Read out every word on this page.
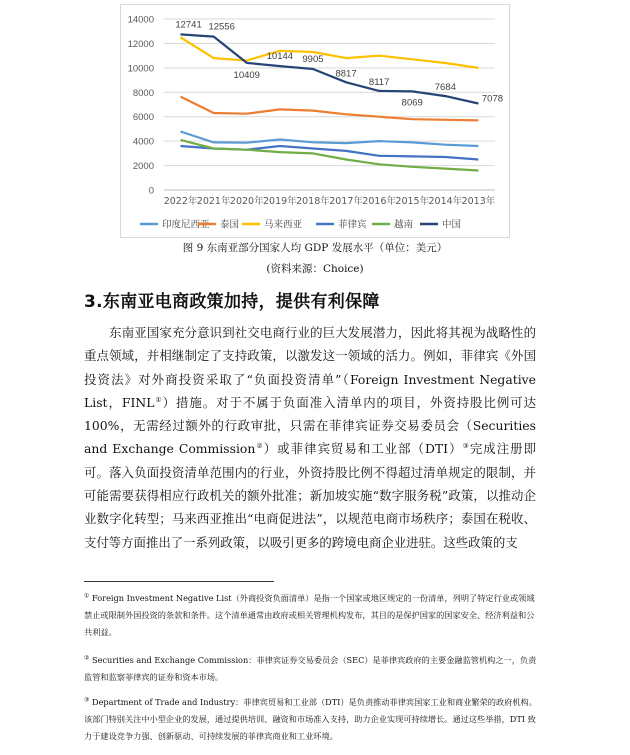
0
2000
4000
6000
8000
10000
12000
14000
2022年 2021年 2020年 2019年 2018年 2017年 2016年 2015年 2014年 2013年
12741 12556
10409
10144 9905
8817
8117
8069
7684
7078
印度尼西亚 泰国	马来西亚	菲律宾	越南	中国
图 9 东南亚部分国家人均 GDP 发展水平（单位：美元）
(资料来源：Choice)
3.东南亚电商政策加持，提供有利保障

东南亚国家充分意识到社交电商行业的巨大发展潜力，因此将其视为战略性的重点领域，并相继制定了支持政策，以激发这一领域的活力。例如，菲律宾《外国投资法》对外商投资采取了“负面投资清单”（Foreign Investment Negative List，FINL①）措施。对于不属于负面准入清单内的项目，外资持股比例可达 100%，无需经过额外的行政审批，只需在菲律宾证券交易委员会（Securities and Exchange Commission②）或菲律宾贸易和工业部（DTI）③完成注册即可。落入负面投资清单范围内的行业，外资持股比例不得超过清单规定的限制，并可能需要获得相应行政机关的额外批准；新加坡实施“数字服务税”政策，以推动企业数字化转型；马来西亚推出“电商促进法”，以规范电商市场秩序；泰国在税收、支付等方面推出了一系列政策，以吸引更多的跨境电商企业进驻。这些政策的支

① Foreign Investment Negative List（外商投资负面清单）是指一个国家或地区规定的一份清单，列明了特定行业或领域禁止或限制外国投资的条款和条件。这个清单通常由政府或相关管理机构发布，其目的是保护国家的国家安全、经济利益和公共利益。

② Securities and Exchange Commission：菲律宾证券交易委员会（SEC）是菲律宾政府的主要金融监管机构之一，负责监管和监察菲律宾的证券和资本市场。

③ Department of Trade and Industry：菲律宾贸易和工业部（DTI）是负责推动菲律宾国家工业和商业繁荣的政府机构。该部门特别关注中小型企业的发展，通过提供培训、融资和市场准入支持，助力企业实现可持续增长。通过这些举措，DTI 致力于建设竞争力强、创新驱动、可持续发展的菲律宾商业和工业环境。
